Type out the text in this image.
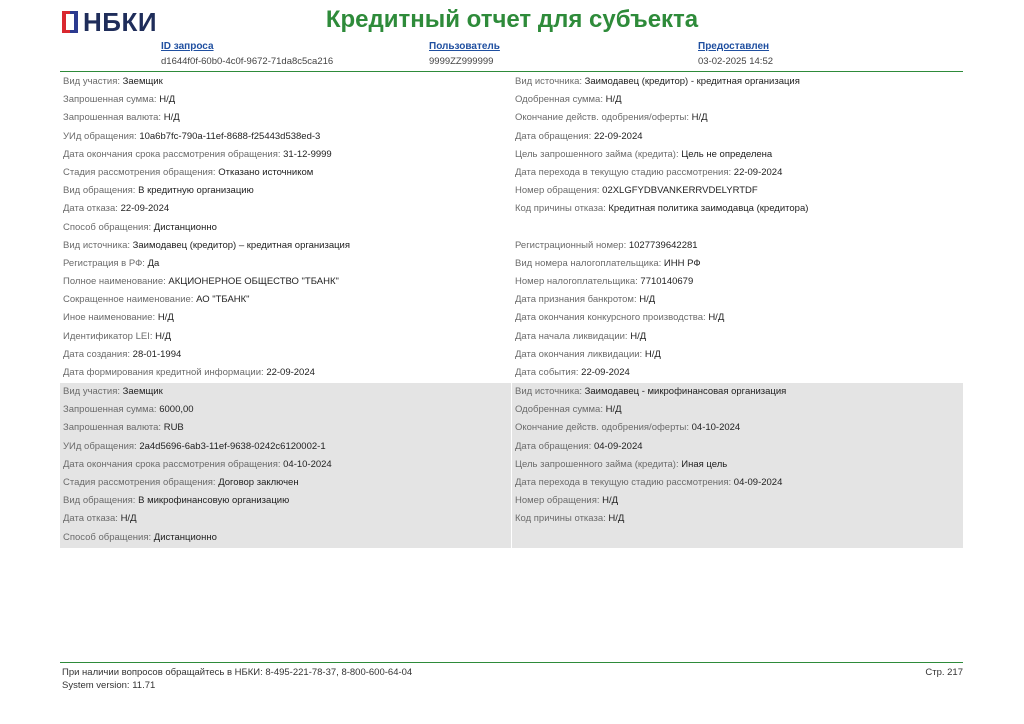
НБКИ	Кредитный отчет для субъекта
ID запроса
d1644f0f-60b0-4c0f-9672-71da8c5ca216
Пользователь
9999ZZ999999
Предоставлен
03-02-2025 14:52
Вид участия: Заемщик
Запрошенная сумма: Н/Д
Запрошенная валюта: Н/Д
УИд обращения: 10a6b7fc-790a-11ef-8688-f25443d538ed-3
Дата окончания срока рассмотрения обращения: 31-12-9999
Стадия рассмотрения обращения: Отказано источником
Вид обращения: В кредитную организацию
Дата отказа: 22-09-2024
Способ обращения: Дистанционно
Вид источника: Заимодавец (кредитор) – кредитная организация
Регистрация в РФ: Да
Полное наименование: АКЦИОНЕРНОЕ ОБЩЕСТВО "ТБАНК"
Сокращенное наименование: АО "ТБАНК"
Иное наименование: Н/Д
Идентификатор LEI: Н/Д
Дата создания: 28-01-1994
Дата формирования кредитной информации: 22-09-2024
Вид источника: Заимодавец (кредитор) - кредитная организация
Одобренная сумма: Н/Д
Окончание действ. одобрения/оферты: Н/Д
Дата обращения: 22-09-2024
Цель запрошенного займа (кредита): Цель не определена
Дата перехода в текущую стадию рассмотрения: 22-09-2024
Номер обращения: 02XLGFYDBVANKERRVDELYRTDF
Код причины отказа: Кредитная политика заимодавца (кредитора)
Регистрационный номер: 1027739642281
Вид номера налогоплательщика: ИНН РФ
Номер налогоплательщика: 7710140679
Дата признания банкротом: Н/Д
Дата окончания конкурсного производства: Н/Д
Дата начала ликвидации: Н/Д
Дата окончания ликвидации: Н/Д
Дата события: 22-09-2024
Вид участия: Заемщик
Запрошенная сумма: 6000,00
Запрошенная валюта: RUB
УИд обращения: 2a4d5696-6ab3-11ef-9638-0242c6120002-1
Дата окончания срока рассмотрения обращения: 04-10-2024
Стадия рассмотрения обращения: Договор заключен
Вид обращения: В микрофинансовую организацию
Дата отказа: Н/Д
Способ обращения: Дистанционно
Вид источника: Заимодавец - микрофинансовая организация
Одобренная сумма: Н/Д
Окончание действ. одобрения/оферты: 04-10-2024
Дата обращения: 04-09-2024
Цель запрошенного займа (кредита): Иная цель
Дата перехода в текущую стадию рассмотрения: 04-09-2024
Номер обращения: Н/Д
Код причины отказа: Н/Д
При наличии вопросов обращайтесь в НБКИ: 8-495-221-78-37, 8-800-600-64-04
System version: 11.71
Стр. 217
